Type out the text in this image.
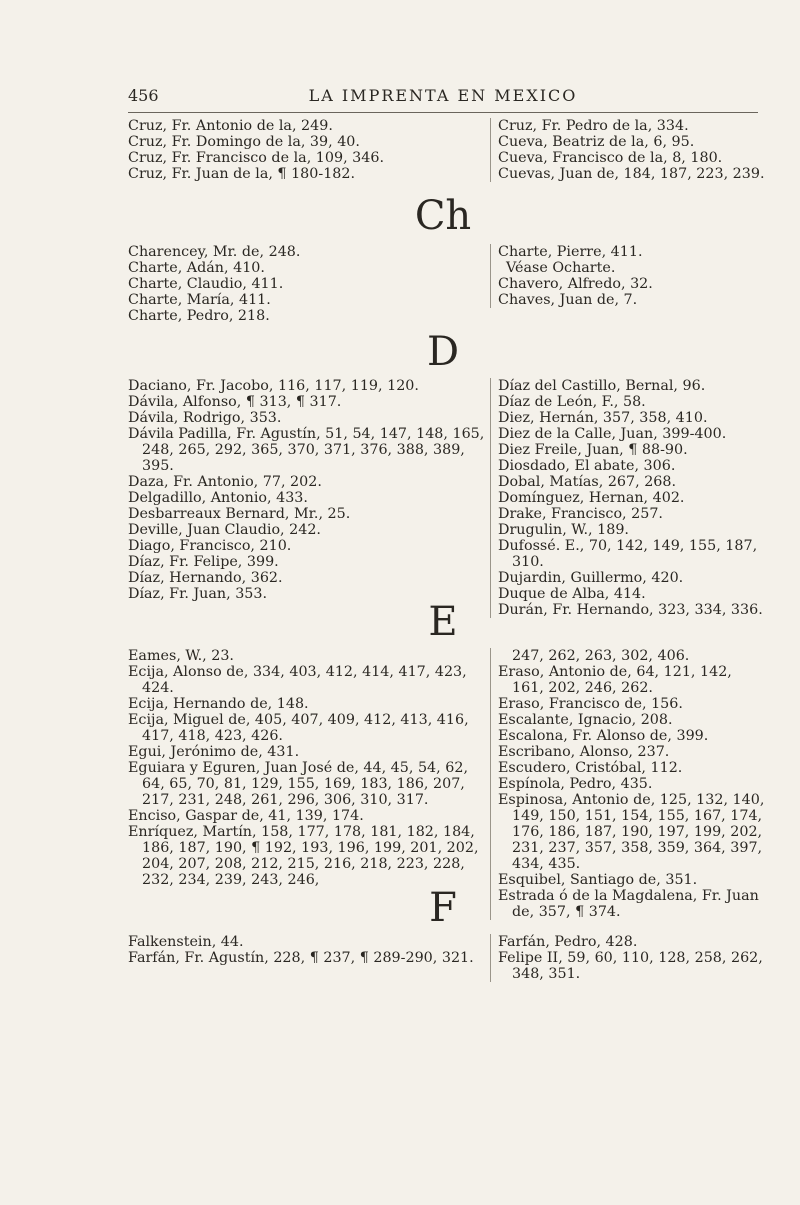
456	LA IMPRENTA EN MEXICO
Cruz, Fr. Antonio de la, 249.
Cruz, Fr. Domingo de la, 39, 40.
Cruz, Fr. Francisco de la, 109, 346.
Cruz, Fr. Juan de la, ¶ 180-182.
Cruz, Fr. Pedro de la, 334.
Cueva, Beatriz de la, 6, 95.
Cueva, Francisco de la, 8, 180.
Cuevas, Juan de, 184, 187, 223, 239.
Ch
Charencey, Mr. de, 248.
Charte, Adán, 410.
Charte, Claudio, 411.
Charte, María, 411.
Charte, Pedro, 218.
Charte, Pierre, 411.
Véase Ocharte.
Chavero, Alfredo, 32.
Chaves, Juan de, 7.
D
Daciano, Fr. Jacobo, 116, 117, 119, 120.
Dávila, Alfonso, ¶ 313, ¶ 317.
Dávila, Rodrigo, 353.
Dávila Padilla, Fr. Agustín, 51, 54, 147, 148, 165, 248, 265, 292, 365, 370, 371, 376, 388, 389, 395.
Daza, Fr. Antonio, 77, 202.
Delgadillo, Antonio, 433.
Desbarreaux Bernard, Mr., 25.
Deville, Juan Claudio, 242.
Diago, Francisco, 210.
Díaz, Fr. Felipe, 399.
Díaz, Hernando, 362.
Díaz, Fr. Juan, 353.
Díaz del Castillo, Bernal, 96.
Díaz de León, F., 58.
Diez, Hernán, 357, 358, 410.
Diez de la Calle, Juan, 399-400.
Diez Freile, Juan, ¶ 88-90.
Diosdado, El abate, 306.
Dobal, Matías, 267, 268.
Domínguez, Hernan, 402.
Drake, Francisco, 257.
Drugulin, W., 189.
Dufossé. E., 70, 142, 149, 155, 187, 310.
Dujardin, Guillermo, 420.
Duque de Alba, 414.
Durán, Fr. Hernando, 323, 334, 336.
E
Eames, W., 23.
Ecija, Alonso de, 334, 403, 412, 414, 417, 423, 424.
Ecija, Hernando de, 148.
Ecija, Miguel de, 405, 407, 409, 412, 413, 416, 417, 418, 423, 426.
Egui, Jerónimo de, 431.
Eguiara y Eguren, Juan José de, 44, 45, 54, 62, 64, 65, 70, 81, 129, 155, 169, 183, 186, 207, 217, 231, 248, 261, 296, 306, 310, 317.
Enciso, Gaspar de, 41, 139, 174.
Enríquez, Martín, 158, 177, 178, 181, 182, 184, 186, 187, 190, ¶ 192, 193, 196, 199, 201, 202, 204, 207, 208, 212, 215, 216, 218, 223, 228, 232, 234, 239, 243, 246,
247, 262, 263, 302, 406.
Eraso, Antonio de, 64, 121, 142, 161, 202, 246, 262.
Eraso, Francisco de, 156.
Escalante, Ignacio, 208.
Escalona, Fr. Alonso de, 399.
Escribano, Alonso, 237.
Escudero, Cristóbal, 112.
Espínola, Pedro, 435.
Espinosa, Antonio de, 125, 132, 140, 149, 150, 151, 154, 155, 167, 174, 176, 186, 187, 190, 197, 199, 202, 231, 237, 357, 358, 359, 364, 397, 434, 435.
Esquibel, Santiago de, 351.
Estrada ó de la Magdalena, Fr. Juan de, 357, ¶ 374.
F
Falkenstein, 44.
Farfán, Fr. Agustín, 228, ¶ 237, ¶ 289-290, 321.
Farfán, Pedro, 428.
Felipe II, 59, 60, 110, 128, 258, 262, 348, 351.
